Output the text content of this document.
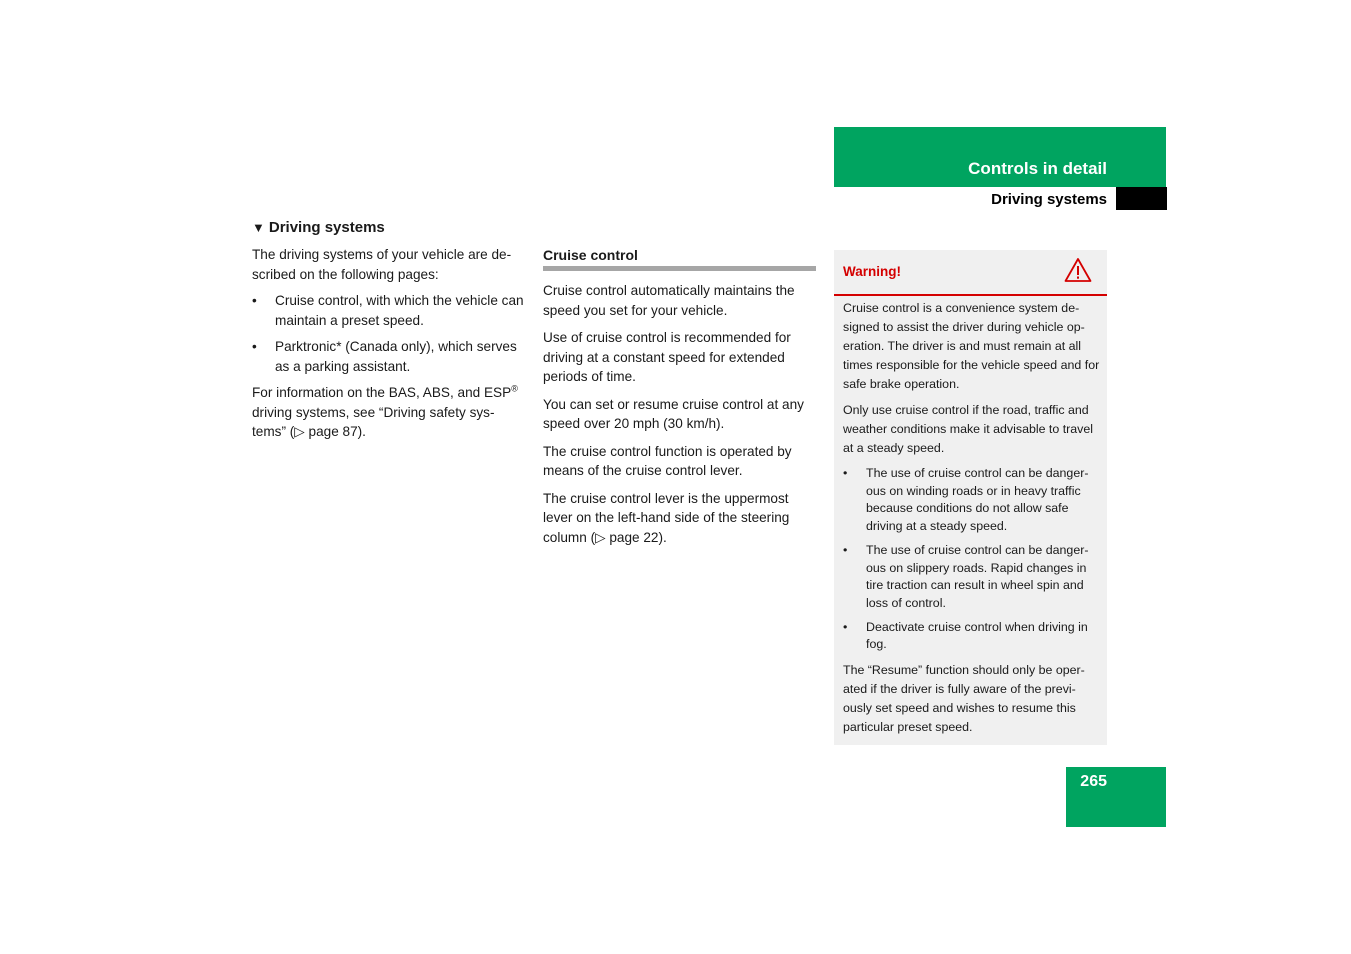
Controls in detail
Driving systems
▼ Driving systems

The driving systems of your vehicle are de-scribed on the following pages:

• Cruise control, with which the vehicle can maintain a preset speed.
• Parktronic* (Canada only), which serves as a parking assistant.

For information on the BAS, ABS, and ESP® driving systems, see “Driving safety sys-tems” (▷ page 87).

Cruise control

Cruise control automatically maintains the speed you set for your vehicle.

Use of cruise control is recommended for driving at a constant speed for extended periods of time.

You can set or resume cruise control at any speed over 20 mph (30 km/h).

The cruise control function is operated by means of the cruise control lever.

The cruise control lever is the uppermost lever on the left-hand side of the steering column (▷ page 22).

Warning!

Cruise control is a convenience system de-signed to assist the driver during vehicle op-eration. The driver is and must remain at all times responsible for the vehicle speed and for safe brake operation.

Only use cruise control if the road, traffic and weather conditions make it advisable to travel at a steady speed.

• The use of cruise control can be danger-ous on winding roads or in heavy traffic because conditions do not allow safe driving at a steady speed.
• The use of cruise control can be danger-ous on slippery roads. Rapid changes in tire traction can result in wheel spin and loss of control.
• Deactivate cruise control when driving in fog.

The “Resume” function should only be oper-ated if the driver is fully aware of the previ-ously set speed and wishes to resume this particular preset speed.

265
